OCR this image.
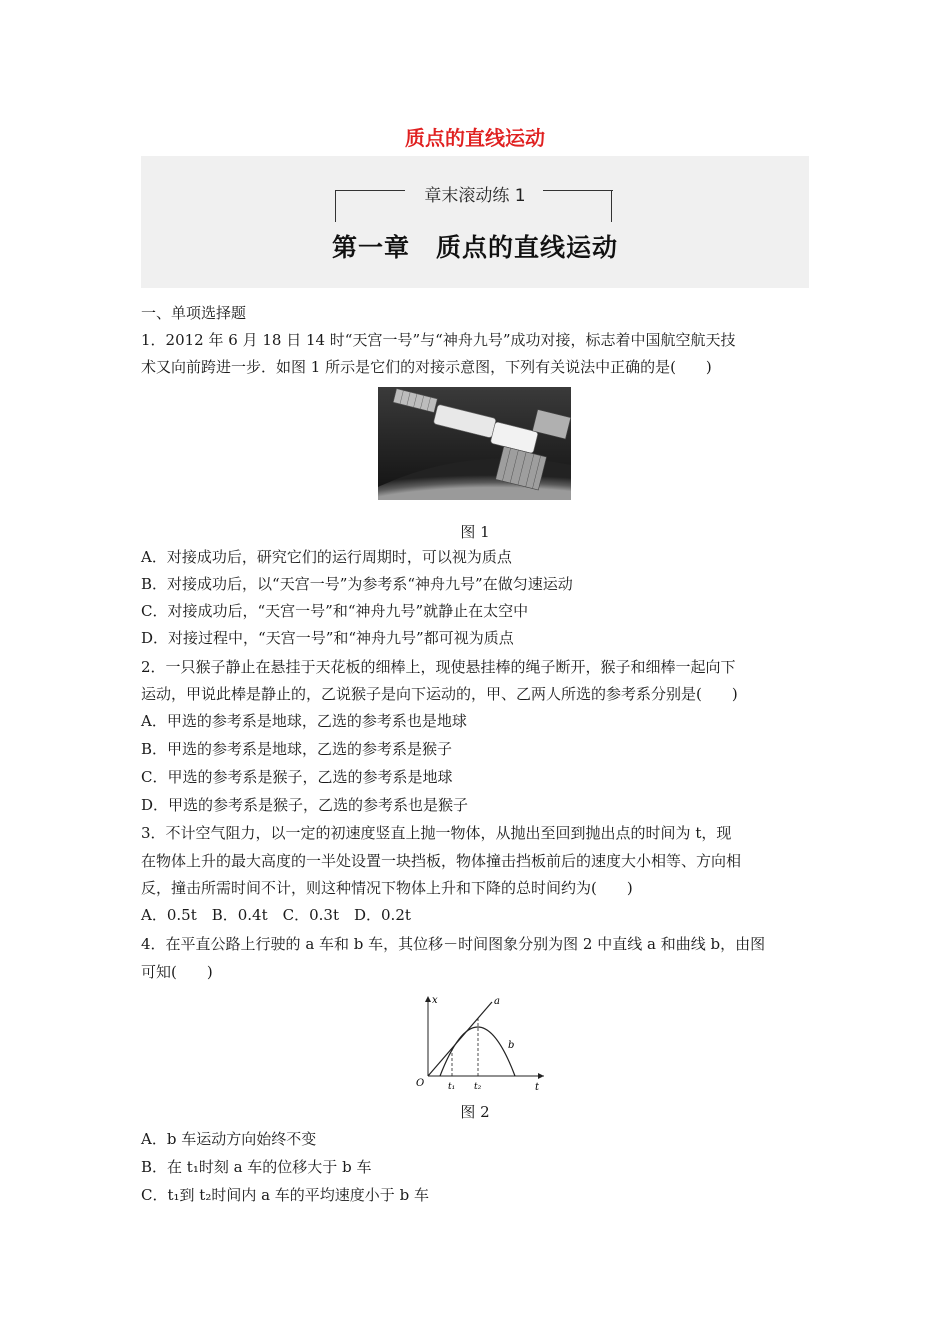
质点的直线运动
章末滚动练 1
第一章　质点的直线运动
一、单项选择题
1．2012 年 6 月 18 日 14 时“天宫一号”与“神舟九号”成功对接，标志着中国航空航天技
术又向前跨进一步．如图 1 所示是它们的对接示意图，下列有关说法中正确的是(　　)
图 1
A．对接成功后，研究它们的运行周期时，可以视为质点
B．对接成功后，以“天宫一号”为参考系“神舟九号”在做匀速运动
C．对接成功后，“天宫一号”和“神舟九号”就静止在太空中
D．对接过程中，“天宫一号”和“神舟九号”都可视为质点
2．一只猴子静止在悬挂于天花板的细棒上，现使悬挂棒的绳子断开，猴子和细棒一起向下
运动，甲说此棒是静止的，乙说猴子是向下运动的，甲、乙两人所选的参考系分别是(　　)
A．甲选的参考系是地球，乙选的参考系也是地球
B．甲选的参考系是地球，乙选的参考系是猴子
C．甲选的参考系是猴子，乙选的参考系是地球
D．甲选的参考系是猴子，乙选的参考系也是猴子
3．不计空气阻力，以一定的初速度竖直上抛一物体，从抛出至回到抛出点的时间为 t，现
在物体上升的最大高度的一半处设置一块挡板，物体撞击挡板前后的速度大小相等、方向相
反，撞击所需时间不计，则这种情况下物体上升和下降的总时间约为(　　)
A．0.5t　B．0.4t　C．0.3t　D．0.2t
4．在平直公路上行驶的 a 车和 b 车，其位移－时间图象分别为图 2 中直线 a 和曲线 b，由图
可知(　　)
x
t
O
a
b
t₁ t₂
图 2
A．b 车运动方向始终不变
B．在 t₁时刻 a 车的位移大于 b 车
C．t₁到 t₂时间内 a 车的平均速度小于 b 车
